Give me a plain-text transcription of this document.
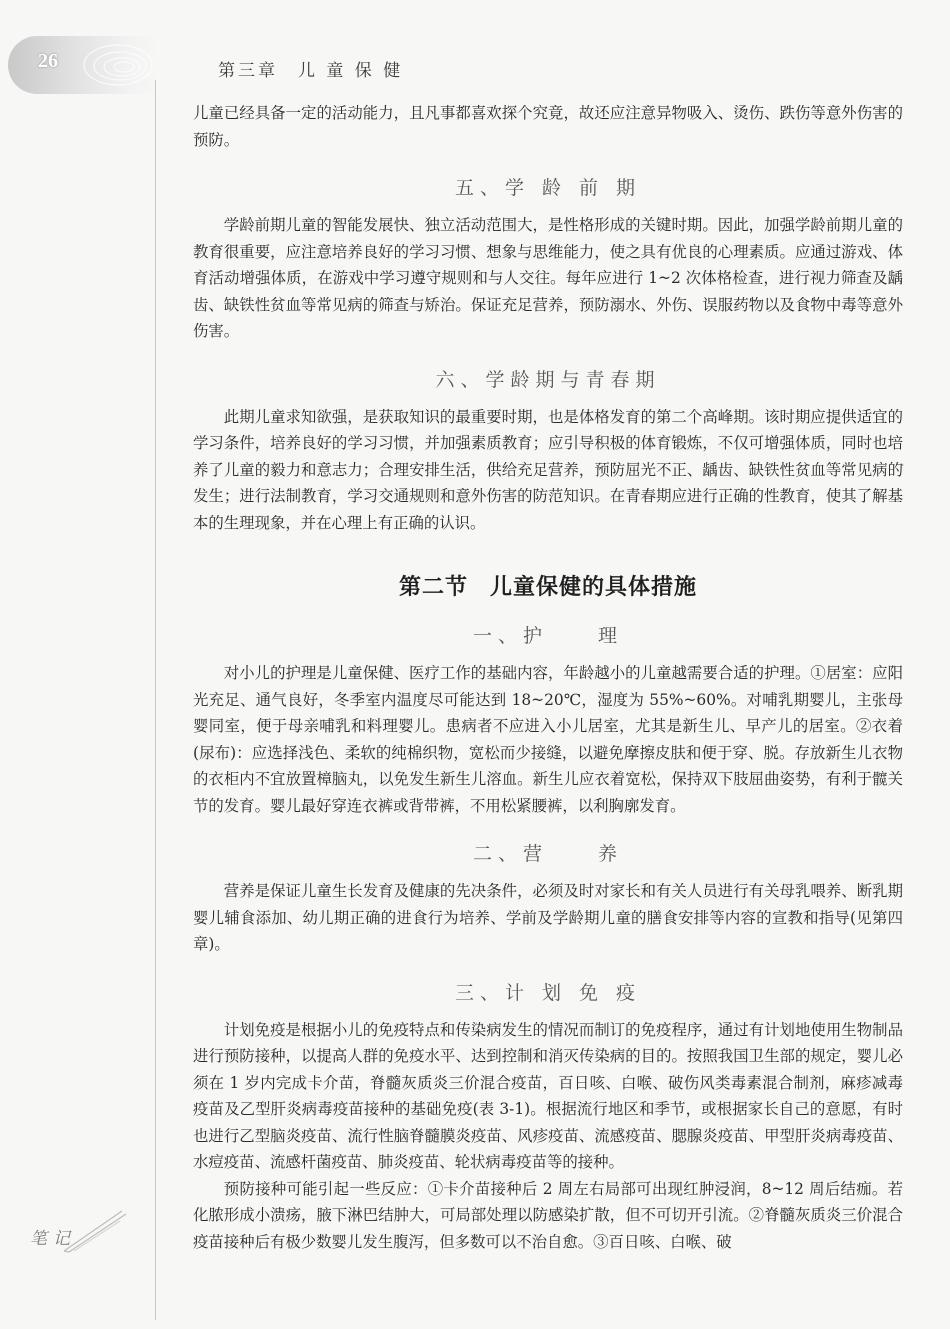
26	第三章　儿 童 保 健
笔记

儿童已经具备一定的活动能力，且凡事都喜欢探个究竟，故还应注意异物吸入、烫伤、跌伤等意外伤害的预防。

五、学 龄 前 期

学龄前期儿童的智能发展快、独立活动范围大，是性格形成的关键时期。因此，加强学龄前期儿童的教育很重要，应注意培养良好的学习习惯、想象与思维能力，使之具有优良的心理素质。应通过游戏、体育活动增强体质，在游戏中学习遵守规则和与人交往。每年应进行 1~2 次体格检查，进行视力筛查及龋齿、缺铁性贫血等常见病的筛查与矫治。保证充足营养，预防溺水、外伤、误服药物以及食物中毒等意外伤害。

六、学龄期与青春期

此期儿童求知欲强，是获取知识的最重要时期，也是体格发育的第二个高峰期。该时期应提供适宜的学习条件，培养良好的学习习惯，并加强素质教育；应引导积极的体育锻炼，不仅可增强体质，同时也培养了儿童的毅力和意志力；合理安排生活，供给充足营养，预防屈光不正、龋齿、缺铁性贫血等常见病的发生；进行法制教育，学习交通规则和意外伤害的防范知识。在青春期应进行正确的性教育，使其了解基本的生理现象，并在心理上有正确的认识。

第二节 儿童保健的具体措施
一、护　　理

对小儿的护理是儿童保健、医疗工作的基础内容，年龄越小的儿童越需要合适的护理。①居室：应阳光充足、通气良好，冬季室内温度尽可能达到 18~20℃，湿度为 55%~60%。对哺乳期婴儿，主张母婴同室，便于母亲哺乳和料理婴儿。患病者不应进入小儿居室，尤其是新生儿、早产儿的居室。②衣着(尿布)：应选择浅色、柔软的纯棉织物，宽松而少接缝，以避免摩擦皮肤和便于穿、脱。存放新生儿衣物的衣柜内不宜放置樟脑丸，以免发生新生儿溶血。新生儿应衣着宽松，保持双下肢屈曲姿势，有利于髋关节的发育。婴儿最好穿连衣裤或背带裤，不用松紧腰裤，以利胸廓发育。

二、营　　养

营养是保证儿童生长发育及健康的先决条件，必须及时对家长和有关人员进行有关母乳喂养、断乳期婴儿辅食添加、幼儿期正确的进食行为培养、学前及学龄期儿童的膳食安排等内容的宣教和指导(见第四章)。

三、计 划 免 疫

计划免疫是根据小儿的免疫特点和传染病发生的情况而制订的免疫程序，通过有计划地使用生物制品进行预防接种，以提高人群的免疫水平、达到控制和消灭传染病的目的。按照我国卫生部的规定，婴儿必须在 1 岁内完成卡介苗，脊髓灰质炎三价混合疫苗，百日咳、白喉、破伤风类毒素混合制剂，麻疹减毒疫苗及乙型肝炎病毒疫苗接种的基础免疫(表 3-1)。根据流行地区和季节，或根据家长自己的意愿，有时也进行乙型脑炎疫苗、流行性脑脊髓膜炎疫苗、风疹疫苗、流感疫苗、腮腺炎疫苗、甲型肝炎病毒疫苗、水痘疫苗、流感杆菌疫苗、肺炎疫苗、轮状病毒疫苗等的接种。

预防接种可能引起一些反应：①卡介苗接种后 2 周左右局部可出现红肿浸润，8~12 周后结痂。若化脓形成小溃疡，腋下淋巴结肿大，可局部处理以防感染扩散，但不可切开引流。②脊髓灰质炎三价混合疫苗接种后有极少数婴儿发生腹泻，但多数可以不治自愈。③百日咳、白喉、破

、
